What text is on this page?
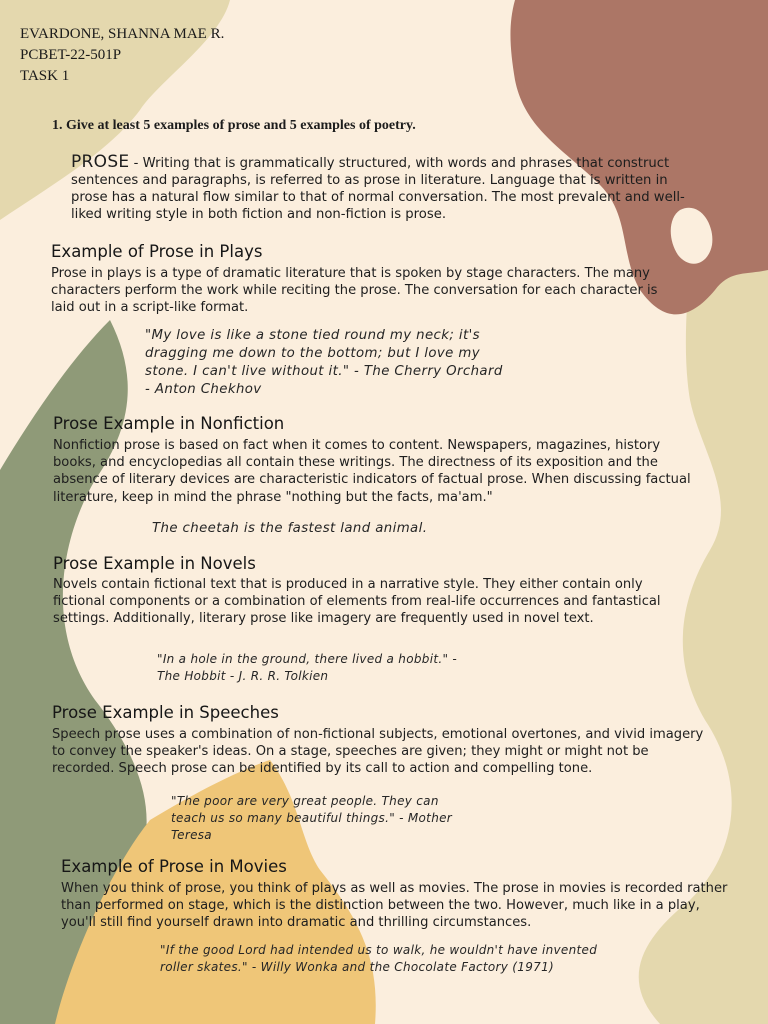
EVARDONE, SHANNA MAE R.
PCBET-22-501P
TASK 1
1. Give at least 5 examples of prose and 5 examples of poetry.
PROSE - Writing that is grammatically structured, with words and phrases that construct sentences and paragraphs, is referred to as prose in literature. Language that is written in prose has a natural flow similar to that of normal conversation. The most prevalent and well-liked writing style in both fiction and non-fiction is prose.
Example of Prose in Plays
Prose in plays is a type of dramatic literature that is spoken by stage characters. The many characters perform the work while reciting the prose. The conversation for each character is laid out in a script-like format.
"My love is like a stone tied round my neck; it's dragging me down to the bottom; but I love my stone. I can't live without it." - The Cherry Orchard - Anton Chekhov
Prose Example in Nonfiction
Nonfiction prose is based on fact when it comes to content. Newspapers, magazines, history books, and encyclopedias all contain these writings. The directness of its exposition and the absence of literary devices are characteristic indicators of factual prose. When discussing factual literature, keep in mind the phrase "nothing but the facts, ma'am."
The cheetah is the fastest land animal.
Prose Example in Novels
Novels contain fictional text that is produced in a narrative style. They either contain only fictional components or a combination of elements from real-life occurrences and fantastical settings. Additionally, literary prose like imagery are frequently used in novel text.
"In a hole in the ground, there lived a hobbit." - The Hobbit - J. R. R. Tolkien
Prose Example in Speeches
Speech prose uses a combination of non-fictional subjects, emotional overtones, and vivid imagery to convey the speaker's ideas. On a stage, speeches are given; they might or might not be recorded. Speech prose can be identified by its call to action and compelling tone.
"The poor are very great people. They can teach us so many beautiful things." - Mother Teresa
Example of Prose in Movies
When you think of prose, you think of plays as well as movies. The prose in movies is recorded rather than performed on stage, which is the distinction between the two. However, much like in a play, you'll still find yourself drawn into dramatic and thrilling circumstances.
"If the good Lord had intended us to walk, he wouldn't have invented roller skates." - Willy Wonka and the Chocolate Factory (1971)
